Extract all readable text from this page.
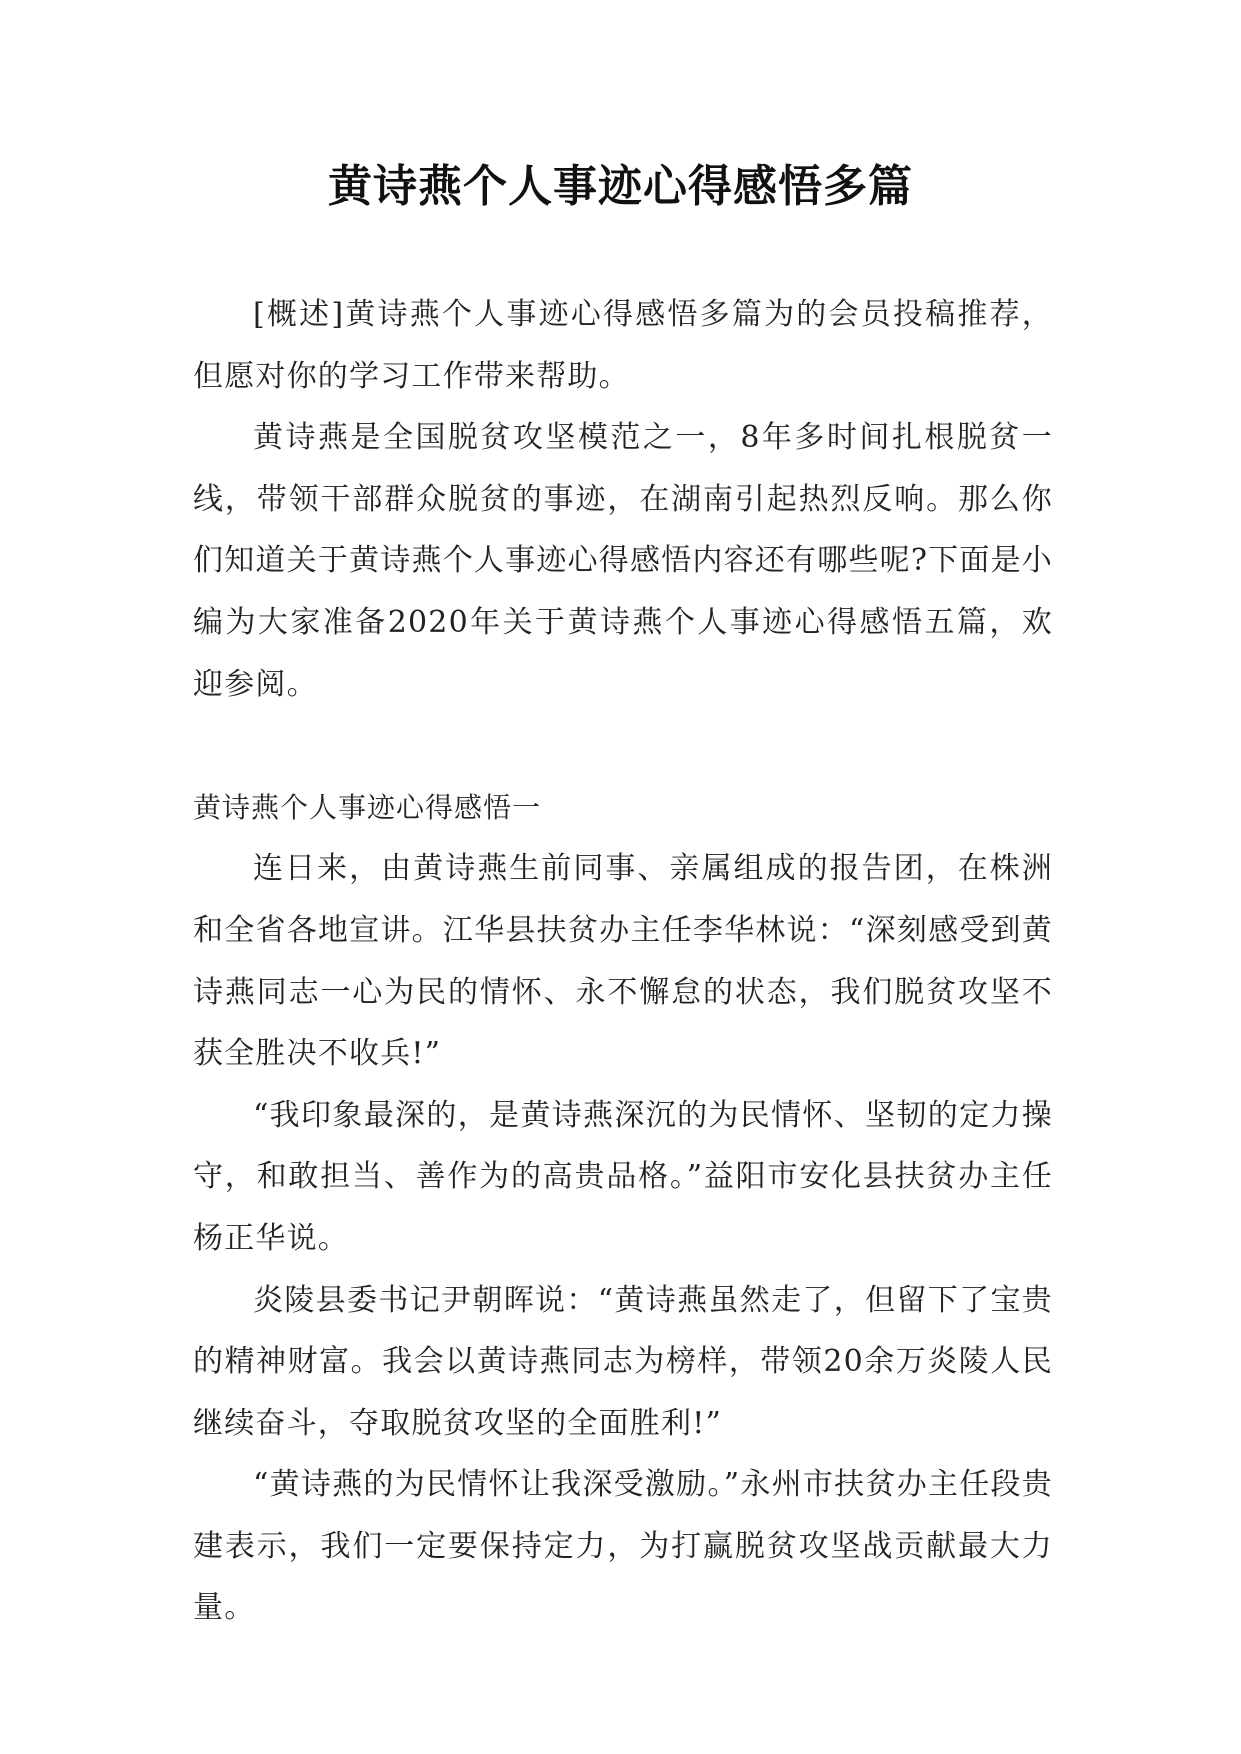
黄诗燕个人事迹心得感悟多篇

[概述]黄诗燕个人事迹心得感悟多篇为的会员投稿推荐，但愿对你的学习工作带来帮助。

黄诗燕是全国脱贫攻坚模范之一，8年多时间扎根脱贫一线，带领干部群众脱贫的事迹，在湖南引起热烈反响。那么你们知道关于黄诗燕个人事迹心得感悟内容还有哪些呢?下面是小编为大家准备2020年关于黄诗燕个人事迹心得感悟五篇，欢迎参阅。

黄诗燕个人事迹心得感悟一

连日来，由黄诗燕生前同事、亲属组成的报告团，在株洲和全省各地宣讲。江华县扶贫办主任李华林说：“深刻感受到黄诗燕同志一心为民的情怀、永不懈怠的状态，我们脱贫攻坚不获全胜决不收兵!”

“我印象最深的，是黄诗燕深沉的为民情怀、坚韧的定力操守，和敢担当、善作为的高贵品格。”益阳市安化县扶贫办主任杨正华说。

炎陵县委书记尹朝晖说：“黄诗燕虽然走了，但留下了宝贵的精神财富。我会以黄诗燕同志为榜样，带领20余万炎陵人民继续奋斗，夺取脱贫攻坚的全面胜利!”

“黄诗燕的为民情怀让我深受激励。”永州市扶贫办主任段贵建表示，我们一定要保持定力，为打赢脱贫攻坚战贡献最大力量。
